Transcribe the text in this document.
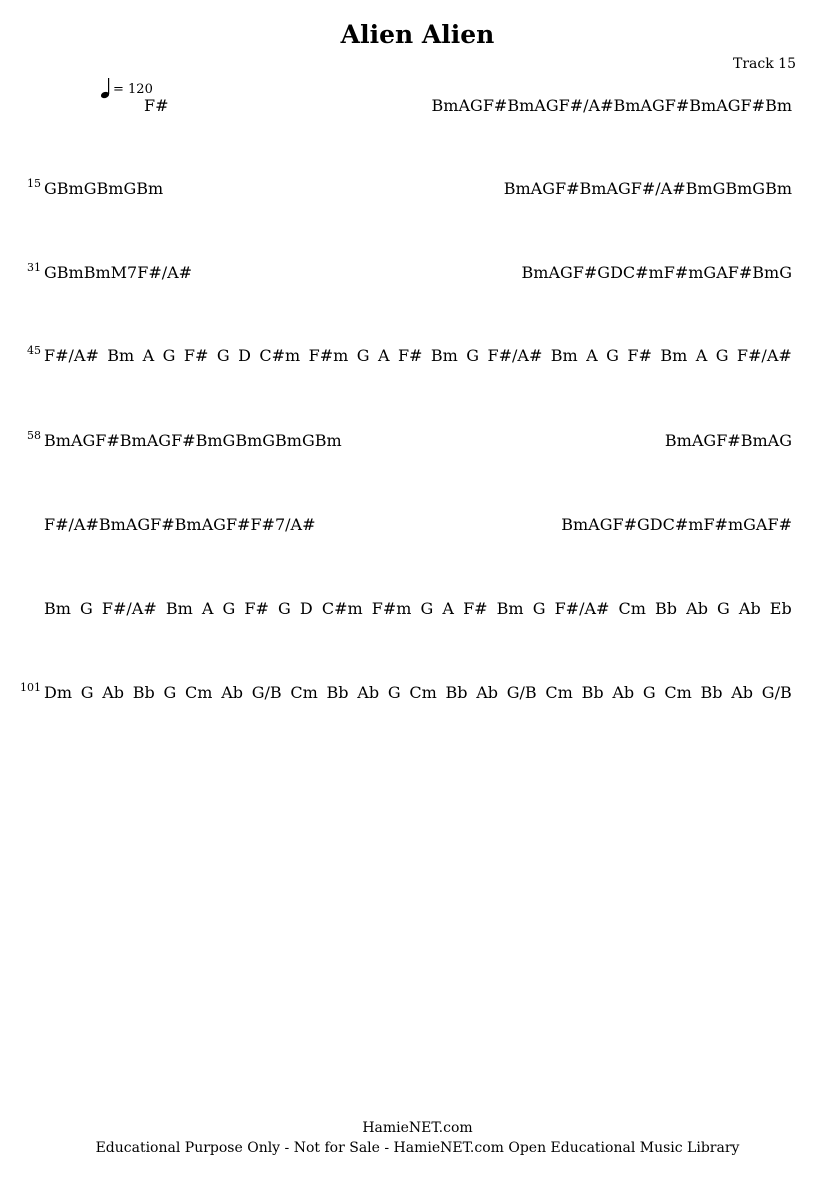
Alien Alien

Track 15

= 120
F#	Bm A G F# Bm A G F#/A# Bm A G F# Bm A G F# Bm
15 G Bm G Bm G Bm	Bm A G F# Bm A G F#/A# Bm G Bm G Bm
31 G Bm BmM7 F#/A#	Bm A G F# G D C#m F#m G A F# Bm G
45 F#/A# Bm A G F# G D C#m F#m G A F# Bm G F#/A# Bm A G F# Bm A G F#/A#
58 Bm A G F# Bm A G F# Bm G Bm G Bm G Bm	Bm A G F# Bm A G
F#/A# Bm A G F# Bm A G F# F#7/A#	Bm A G F# G D C#m F#m G A F#
Bm G F#/A# Bm A G F# G D C#m F#m G A F# Bm G F#/A# Cm Bb Ab G Ab Eb
101 Dm G Ab Bb G Cm Ab G/B Cm Bb Ab G Cm Bb Ab G/B Cm Bb Ab G Cm Bb Ab G/B

HamieNET.com

Educational Purpose Only - Not for Sale - HamieNET.com Open Educational Music Library
